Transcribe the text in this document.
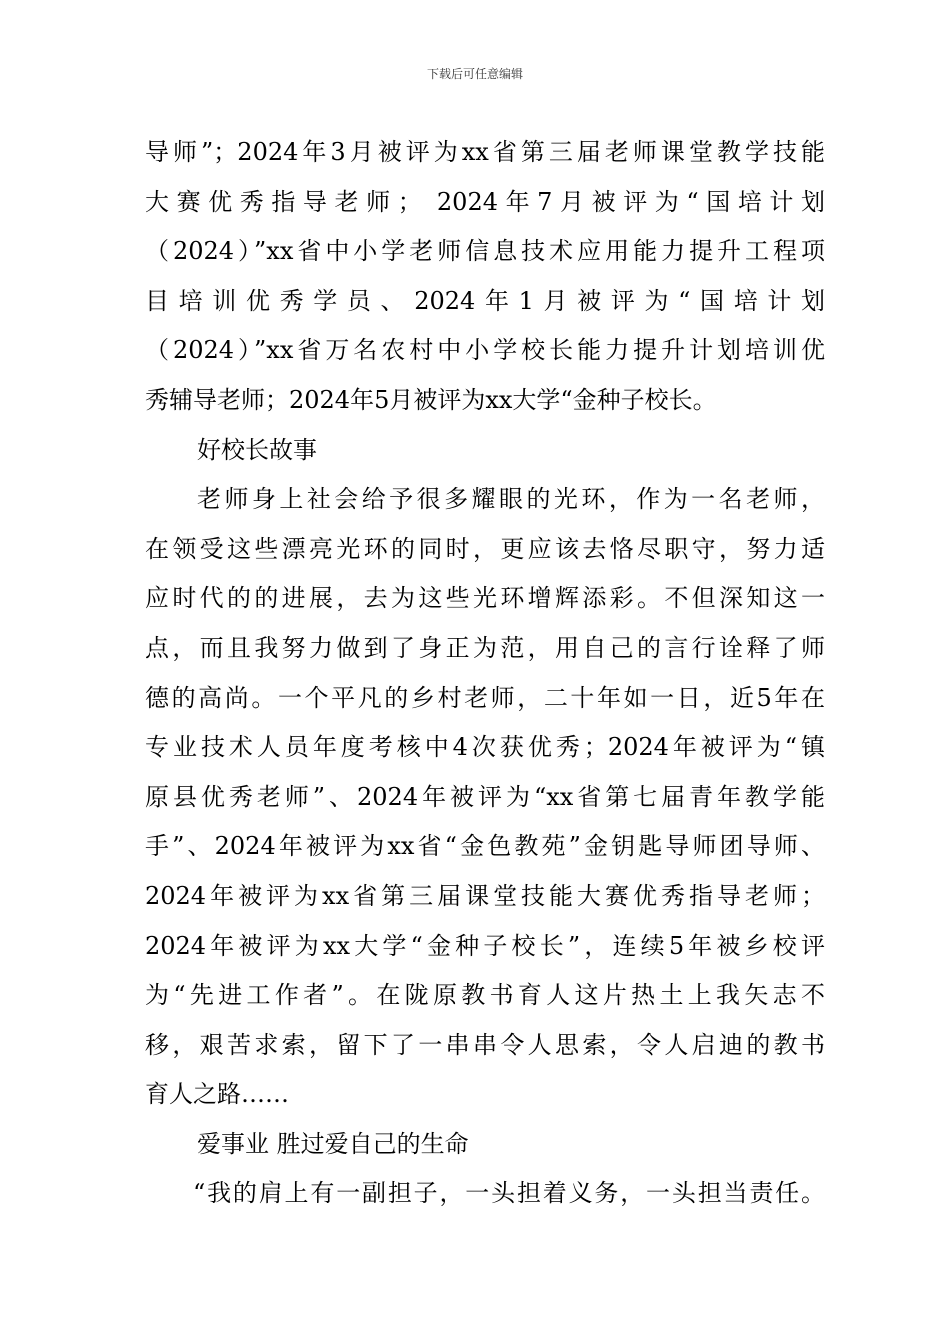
下载后可任意编辑
导师”；2024年3月被评为xx省第三届老师课堂教学技能
大赛优秀指导老师； 2024年7月被评为“国培计划
（2024）”xx省中小学老师信息技术应用能力提升工程项
目培训优秀学员、2024年1月被评为“国培计划
（2024）”xx省万名农村中小学校长能力提升计划培训优
秀辅导老师；2024年5月被评为xx大学“金种子校长。
好校长故事
老师身上社会给予很多耀眼的光环，作为一名老师，
在领受这些漂亮光环的同时，更应该去恪尽职守，努力适
应时代的的进展，去为这些光环增辉添彩。不但深知这一
点，而且我努力做到了身正为范，用自己的言行诠释了师
德的高尚。一个平凡的乡村老师，二十年如一日，近5年在
专业技术人员年度考核中4次获优秀；2024年被评为“镇
原县优秀老师”、2024年被评为“xx省第七届青年教学能
手”、2024年被评为xx省“金色教苑”金钥匙导师团导师、
2024年被评为xx省第三届课堂技能大赛优秀指导老师；
2024年被评为xx大学“金种子校长”，连续5年被乡校评
为“先进工作者”。在陇原教书育人这片热土上我矢志不
移，艰苦求索，留下了一串串令人思索，令人启迪的教书
育人之路……
爱事业 胜过爱自己的生命
“我的肩上有一副担子，一头担着义务，一头担当责任。
